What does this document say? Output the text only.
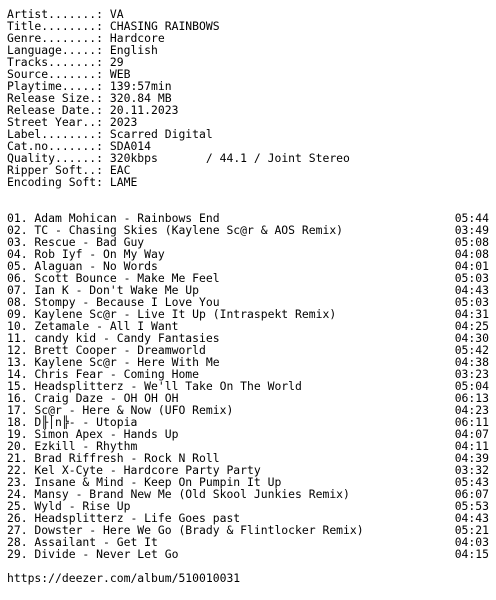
Artist.......: VA
Title........: CHASING RAINBOWS
Genre........: Hardcore
Language.....: English
Tracks.......: 29
Source.......: WEB
Playtime.....: 139:57min
Release Size.: 320.84 MB
Release Date.: 20.11.2023
Street Year..: 2023
Label........: Scarred Digital
Cat.no.......: SDA014
Quality......: 320kbps       / 44.1 / Joint Stereo
Ripper Soft..: EAC
Encoding Soft: LAME
01. Adam Mohican - Rainbows End	05:44
02. TC - Chasing Skies (Kaylene Sc@r & AOS Remix)	03:49
03. Rescue - Bad Guy	05:08
04. Rob Iyf - On My Way	04:08
05. Alaguan - No Words	04:01
06. Scott Bounce - Make Me Feel	05:03
07. Ian K - Don't Wake Me Up	04:43
08. Stompy - Because I Love You	05:03
09. Kaylene Sc@r - Live It Up (Intraspekt Remix)	04:31
10. Zetamale - All I Want	04:25
11. candy kid - Candy Fantasies	04:30
12. Brett Cooper - Dreamworld	05:42
13. Kaylene Sc@r - Here With Me	04:38
14. Chris Fear - Coming Home	03:23
15. Headsplitterz - We'll Take On The World	05:04
16. Craig Daze - OH OH OH	06:13
17. Sc@r - Here & Now (UFO Remix)	04:23
18. D╟│n╠- - Utopia	06:11
19. Simon Apex - Hands Up	04:07
20. Ezkill - Rhythm	04:11
21. Brad Riffresh - Rock N Roll	04:39
22. Kel X-Cyte - Hardcore Party Party	03:32
23. Insane & Mind - Keep On Pumpin It Up	05:43
24. Mansy - Brand New Me (Old Skool Junkies Remix)	06:07
25. Wyld - Rise Up	05:53
26. Headsplitterz - Life Goes past	04:43
27. Dowster - Here We Go (Brady & Flintlocker Remix)	05:21
28. Assailant - Get It	04:03
29. Divide - Never Let Go	04:15
https://deezer.com/album/510010031
